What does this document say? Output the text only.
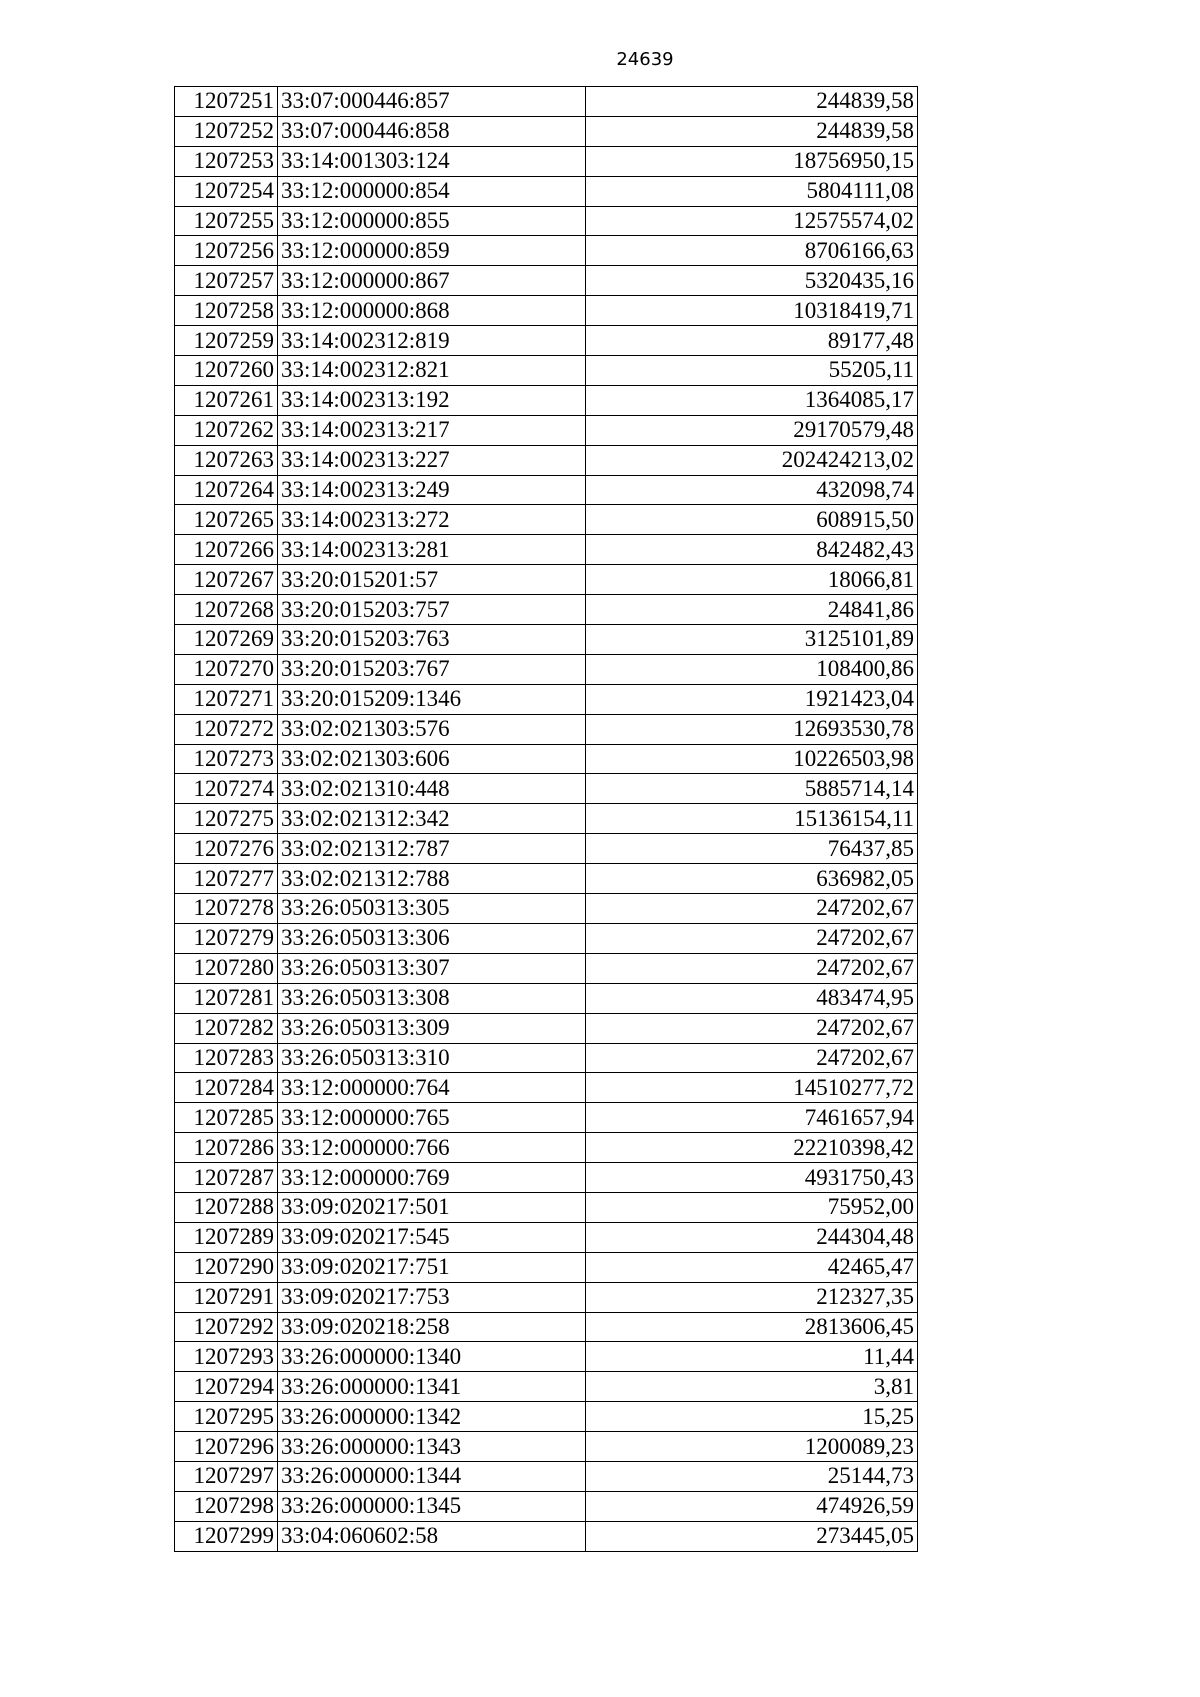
24639
1207251	33:07:000446:857	244839,58
1207252	33:07:000446:858	244839,58
1207253	33:14:001303:124	18756950,15
1207254	33:12:000000:854	5804111,08
1207255	33:12:000000:855	12575574,02
1207256	33:12:000000:859	8706166,63
1207257	33:12:000000:867	5320435,16
1207258	33:12:000000:868	10318419,71
1207259	33:14:002312:819	89177,48
1207260	33:14:002312:821	55205,11
1207261	33:14:002313:192	1364085,17
1207262	33:14:002313:217	29170579,48
1207263	33:14:002313:227	202424213,02
1207264	33:14:002313:249	432098,74
1207265	33:14:002313:272	608915,50
1207266	33:14:002313:281	842482,43
1207267	33:20:015201:57	18066,81
1207268	33:20:015203:757	24841,86
1207269	33:20:015203:763	3125101,89
1207270	33:20:015203:767	108400,86
1207271	33:20:015209:1346	1921423,04
1207272	33:02:021303:576	12693530,78
1207273	33:02:021303:606	10226503,98
1207274	33:02:021310:448	5885714,14
1207275	33:02:021312:342	15136154,11
1207276	33:02:021312:787	76437,85
1207277	33:02:021312:788	636982,05
1207278	33:26:050313:305	247202,67
1207279	33:26:050313:306	247202,67
1207280	33:26:050313:307	247202,67
1207281	33:26:050313:308	483474,95
1207282	33:26:050313:309	247202,67
1207283	33:26:050313:310	247202,67
1207284	33:12:000000:764	14510277,72
1207285	33:12:000000:765	7461657,94
1207286	33:12:000000:766	22210398,42
1207287	33:12:000000:769	4931750,43
1207288	33:09:020217:501	75952,00
1207289	33:09:020217:545	244304,48
1207290	33:09:020217:751	42465,47
1207291	33:09:020217:753	212327,35
1207292	33:09:020218:258	2813606,45
1207293	33:26:000000:1340	11,44
1207294	33:26:000000:1341	3,81
1207295	33:26:000000:1342	15,25
1207296	33:26:000000:1343	1200089,23
1207297	33:26:000000:1344	25144,73
1207298	33:26:000000:1345	474926,59
1207299	33:04:060602:58	273445,05
